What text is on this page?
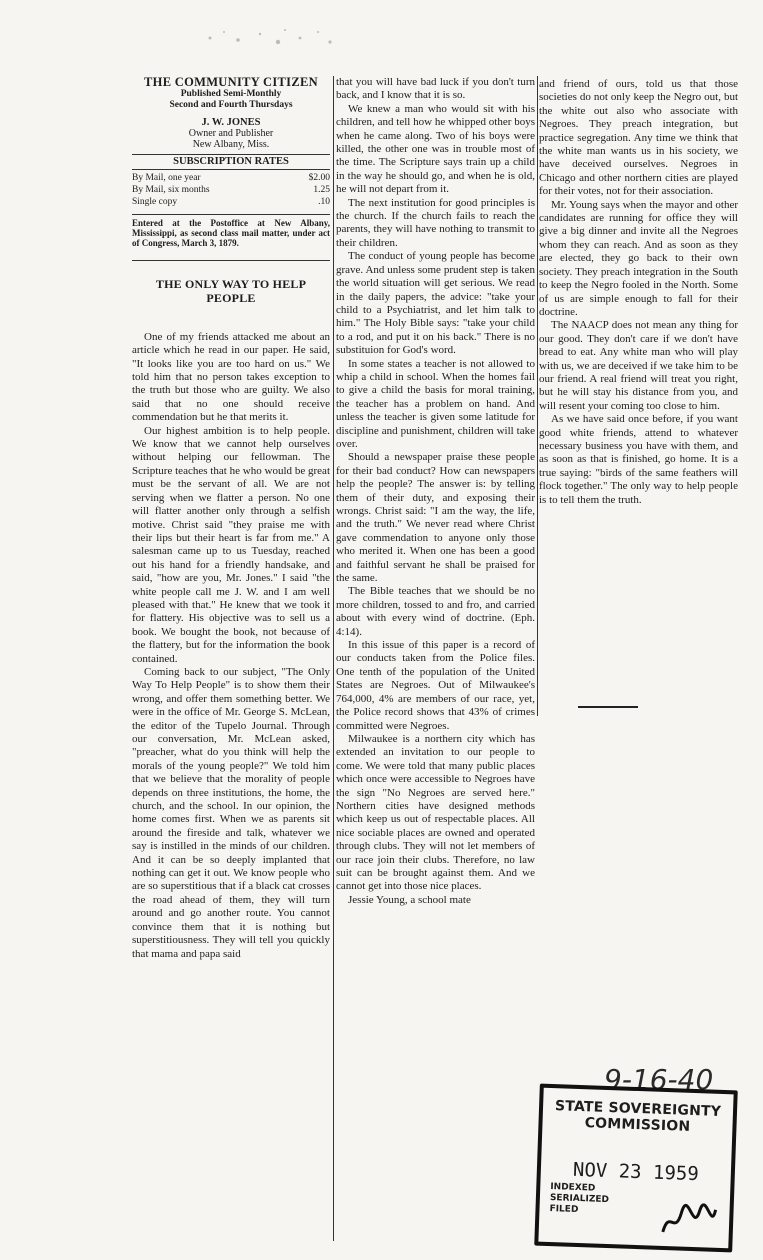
THE COMMUNITY CITIZEN
Published Semi-Monthly
Second and Fourth Thursdays
J. W. JONES
Owner and Publisher
New Albany, Miss.
SUBSCRIPTION RATES
By Mail, one year	$2.00
By Mail, six months	1.25
Single copy	.10
Entered at the Postoffice at New Albany, Mississippi, as second class mail matter, under act of Congress, March 3, 1879.
THE ONLY WAY TO HELP PEOPLE

One of my friends attacked me about an article which he read in our paper. He said, "It looks like you are too hard on us." We told him that no person takes exception to the truth but those who are guilty. We also said that no one should receive commendation but he that merits it.

Our highest ambition is to help people. We know that we cannot help ourselves without helping our fellowman. The Scripture teaches that he who would be great must be the servant of all. We are not serving when we flatter a person. No one will flatter another only through a selfish motive. Christ said "they praise me with their lips but their heart is far from me." A salesman came up to us Tuesday, reached out his hand for a friendly handsake, and said, "how are you, Mr. Jones." I said "the white people call me J. W. and I am well pleased with that." He knew that we took it for flattery. His objective was to sell us a book. We bought the book, not because of the flattery, but for the information the book contained.

Coming back to our subject, "The Only Way To Help People" is to show them their wrong, and offer them something better. We were in the office of Mr. George S. McLean, the editor of the Tupelo Journal. Through our conversation, Mr. McLean asked, "preacher, what do you think will help the morals of the young people?" We told him that we believe that the morality of people depends on three institutions, the home, the church, and the school. In our opinion, the home comes first. When we as parents sit around the fireside and talk, whatever we say is instilled in the minds of our children. And it can be so deeply implanted that nothing can get it out. We know people who are so superstitious that if a black cat crosses the road ahead of them, they will turn around and go another route. You cannot convince them that it is nothing but superstitiousness. They will tell you quickly that mama and papa said

that you will have bad luck if you don't turn back, and I know that it is so.

We knew a man who would sit with his children, and tell how he whipped other boys when he came along. Two of his boys were killed, the other one was in trouble most of the time. The Scripture says train up a child in the way he should go, and when he is old, he will not depart from it.

The next institution for good principles is the church. If the church fails to reach the parents, they will have nothing to transmit to their children.

The conduct of young people has become grave. And unless some prudent step is taken the world situation will get serious. We read in the daily papers, the advice: "take your child to a Psychiatrist, and let him talk to him." The Holy Bible says: "take your child to a rod, and put it on his back." There is no substituion for God's word.

In some states a teacher is not allowed to whip a child in school. When the homes fail to give a child the basis for moral training, the teacher has a problem on hand. And unless the teacher is given some latitude for discipline and punishment, children will take over.

Should a newspaper praise these people for their bad conduct? How can newspapers help the people? The answer is: by telling them of their duty, and exposing their wrongs. Christ said: "I am the way, the life, and the truth." We never read where Christ gave commendation to anyone only those who merited it. When one has been a good and faithful servant he shall be praised for the same.

The Bible teaches that we should be no more children, tossed to and fro, and carried about with every wind of doctrine. (Eph. 4:14).

In this issue of this paper is a record of our conducts taken from the Police files. One tenth of the population of the United States are Negroes. Out of Milwaukee's 764,000, 4% are members of our race, yet, the Police record shows that 43% of crimes committed were Negroes.

Milwaukee is a northern city which has extended an invitation to our people to come. We were told that many public places which once were accessible to Negroes have the sign "No Negroes are served here." Northern cities have designed methods which keep us out of respectable places. All nice sociable places are owned and operated through clubs. They will not let members of our race join their clubs. Therefore, no law suit can be brought against them. And we cannot get into those nice places.

Jessie Young, a school mate

and friend of ours, told us that those societies do not only keep the Negro out, but the white out also who associate with Negroes. They preach integration, but practice segregation. Any time we think that the white man wants us in his society, we have deceived ourselves. Negroes in Chicago and other northern cities are played for their votes, not for their association.

Mr. Young says when the mayor and other candidates are running for office they will give a big dinner and invite all the Negroes whom they can reach. And as soon as they are elected, they go back to their own society. They preach integration in the South to keep the Negro fooled in the North. Some of us are simple enough to fall for their doctrine.

The NAACP does not mean any thing for our good. They don't care if we don't have bread to eat. Any white man who will play with us, we are deceived if we take him to be our friend. A real friend will treat you right, but he will stay his distance from you, and will resent your coming too close to him.

As we have said once before, if you want good white friends, attend to whatever necessary business you have with them, and as soon as that is finished, go home. It is a true saying: "birds of the same feathers will flock together." The only way to help people is to tell them the truth.

9-16-40
STATE SOVEREIGNTY COMMISSION
NOV 23 1959
INDEXED
SERIALIZED
FILED
